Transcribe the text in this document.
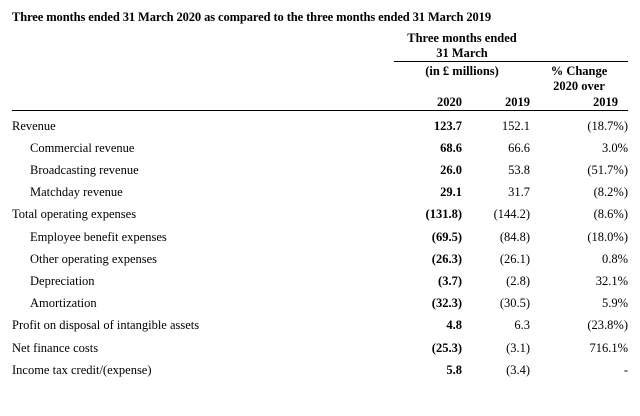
Three months ended 31 March 2020 as compared to the three months ended 31 March 2019
	Three months ended		
	31 March		
	(in £ millions)		% Change
			2020 over
	2020	2019	2019

Revenue	123.7	152.1	(18.7%)
Commercial revenue	68.6	66.6	3.0%
Broadcasting revenue	26.0	53.8	(51.7%)
Matchday revenue	29.1	31.7	(8.2%)
Total operating expenses	(131.8)	(144.2)	(8.6%)
Employee benefit expenses	(69.5)	(84.8)	(18.0%)
Other operating expenses	(26.3)	(26.1)	0.8%
Depreciation	(3.7)	(2.8)	32.1%
Amortization	(32.3)	(30.5)	5.9%
Profit on disposal of intangible assets	4.8	6.3	(23.8%)
Net finance costs	(25.3)	(3.1)	716.1%
Income tax credit/(expense)	5.8	(3.4)	-
